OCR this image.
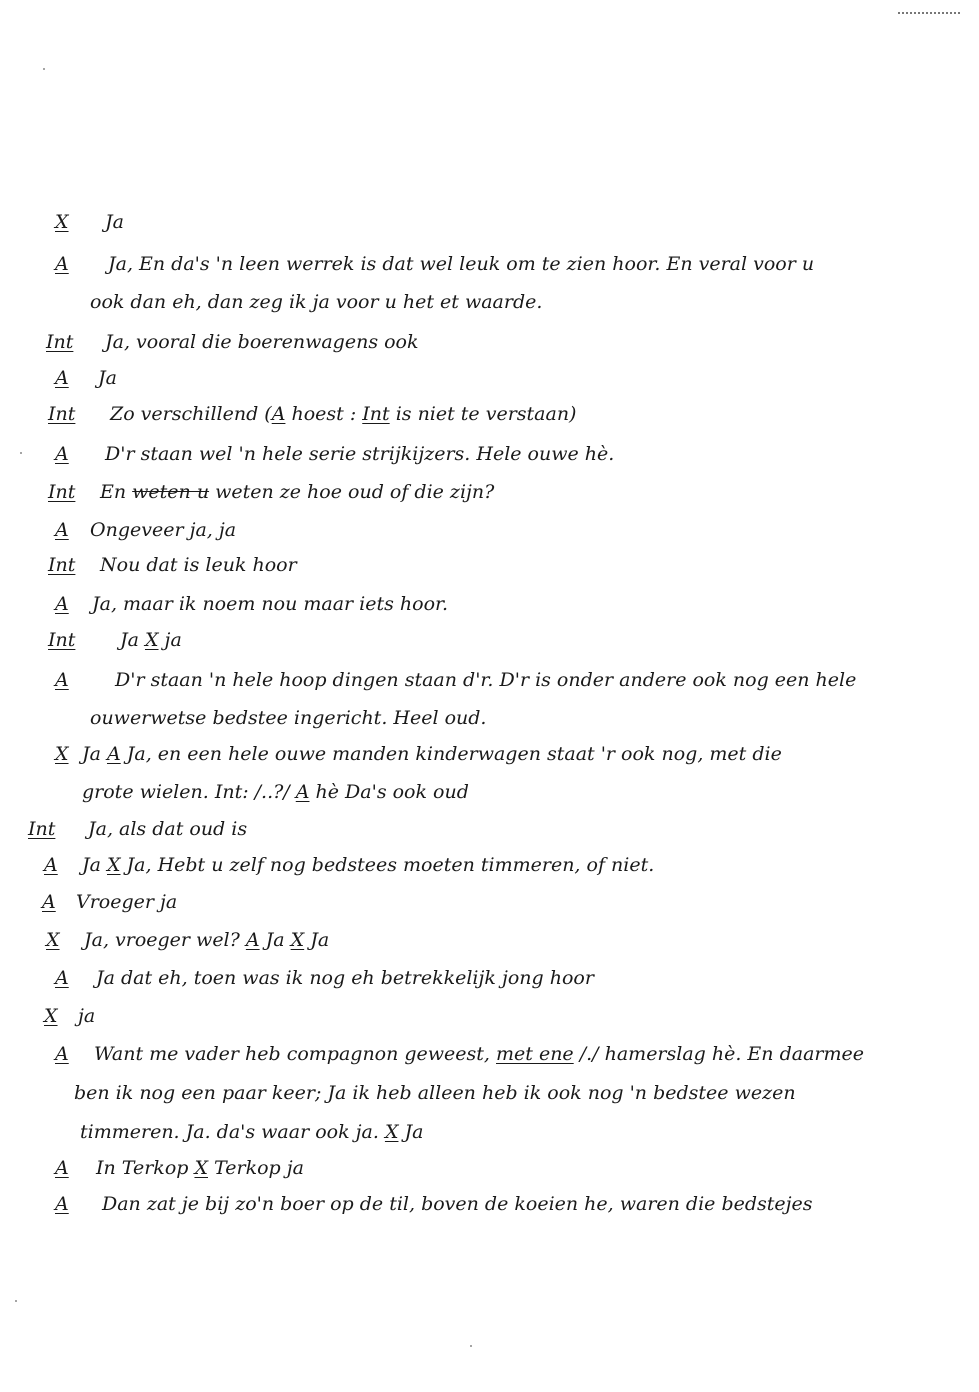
X Ja
A Ja, En da's 'n leen werrek is dat wel leuk om te zien hoor. En veral voor u
ook dan eh, dan zeg ik ja voor u het et waarde.
Int Ja, vooral die boerenwagens ook
A Ja
Int Zo verschillend (A hoest : Int is niet te verstaan)
A D'r staan wel 'n hele serie strijkijzers. Hele ouwe hè.
Int En weten u weten ze hoe oud of die zijn?
A Ongeveer ja, ja
Int Nou dat is leuk hoor
A Ja, maar ik noem nou maar iets hoor.
Int Ja X ja
A D'r staan 'n hele hoop dingen staan d'r. D'r is onder andere ook nog een hele
ouwerwetse bedstee ingericht. Heel oud.
X Ja A Ja, en een hele ouwe manden kinderwagen staat 'r ook nog, met die
grote wielen. Int: /..?/ A hè Da's ook oud
Int Ja, als dat oud is
A Ja X Ja, Hebt u zelf nog bedstees moeten timmeren, of niet.
A Vroeger ja
X Ja, vroeger wel? A Ja X Ja
A Ja dat eh, toen was ik nog eh betrekkelijk jong hoor
X ja
A Want me vader heb compagnon geweest, met ene /./ hamerslag hè. En daarmee
ben ik nog een paar keer; Ja ik heb alleen heb ik ook nog 'n bedstee wezen
timmeren. Ja. da's waar ook ja. X Ja
A In Terkop X Terkop ja
A Dan zat je bij zo'n boer op de til, boven de koeien he, waren die bedstejes
